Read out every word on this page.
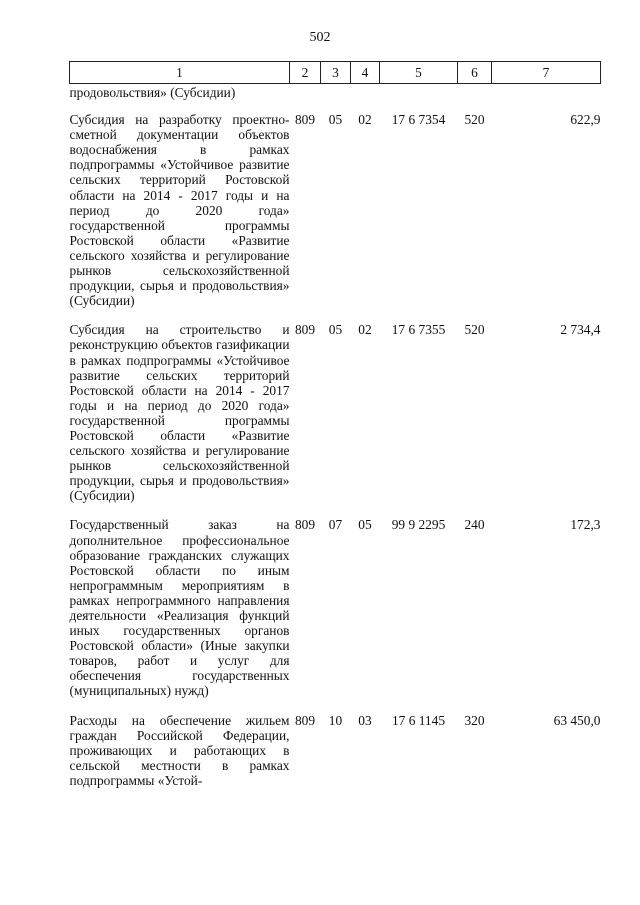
502
1	2	3	4	5	6	7
продовольствия» (Субсидии)						
Субсидия на разработку проектно-сметной документации объектов водоснабжения в рамках подпрограммы «Устойчивое развитие сельских территорий Ростовской области на 2014 - 2017 годы и на период до 2020 года» государственной программы Ростовской области «Развитие сельского хозяйства и регулирование рынков сельскохозяйственной продукции, сырья и продовольствия» (Субсидии)	809	05	02	17 6 7354	520	622,9
Субсидия на строительство и реконструкцию объектов газификации в рамках подпрограммы «Устойчивое развитие сельских территорий Ростовской области на 2014 - 2017 годы и на период до 2020 года» государственной программы Ростовской области «Развитие сельского хозяйства и регулирование рынков сельскохозяйственной продукции, сырья и продовольствия» (Субсидии)	809	05	02	17 6 7355	520	2 734,4
Государственный заказ на дополнительное профессиональное образование гражданских служащих Ростовской области по иным непрограммным мероприятиям в рамках непрограммного направления деятельности «Реализация функций иных государственных органов Ростовской области» (Иные закупки товаров, работ и услуг для обеспечения государственных (муниципальных) нужд)	809	07	05	99 9 2295	240	172,3
Расходы на обеспечение жильем граждан Российской Федерации, проживающих и работающих в сельской местности в рамках подпрограммы «Устой-	809	10	03	17 6 1145	320	63 450,0
